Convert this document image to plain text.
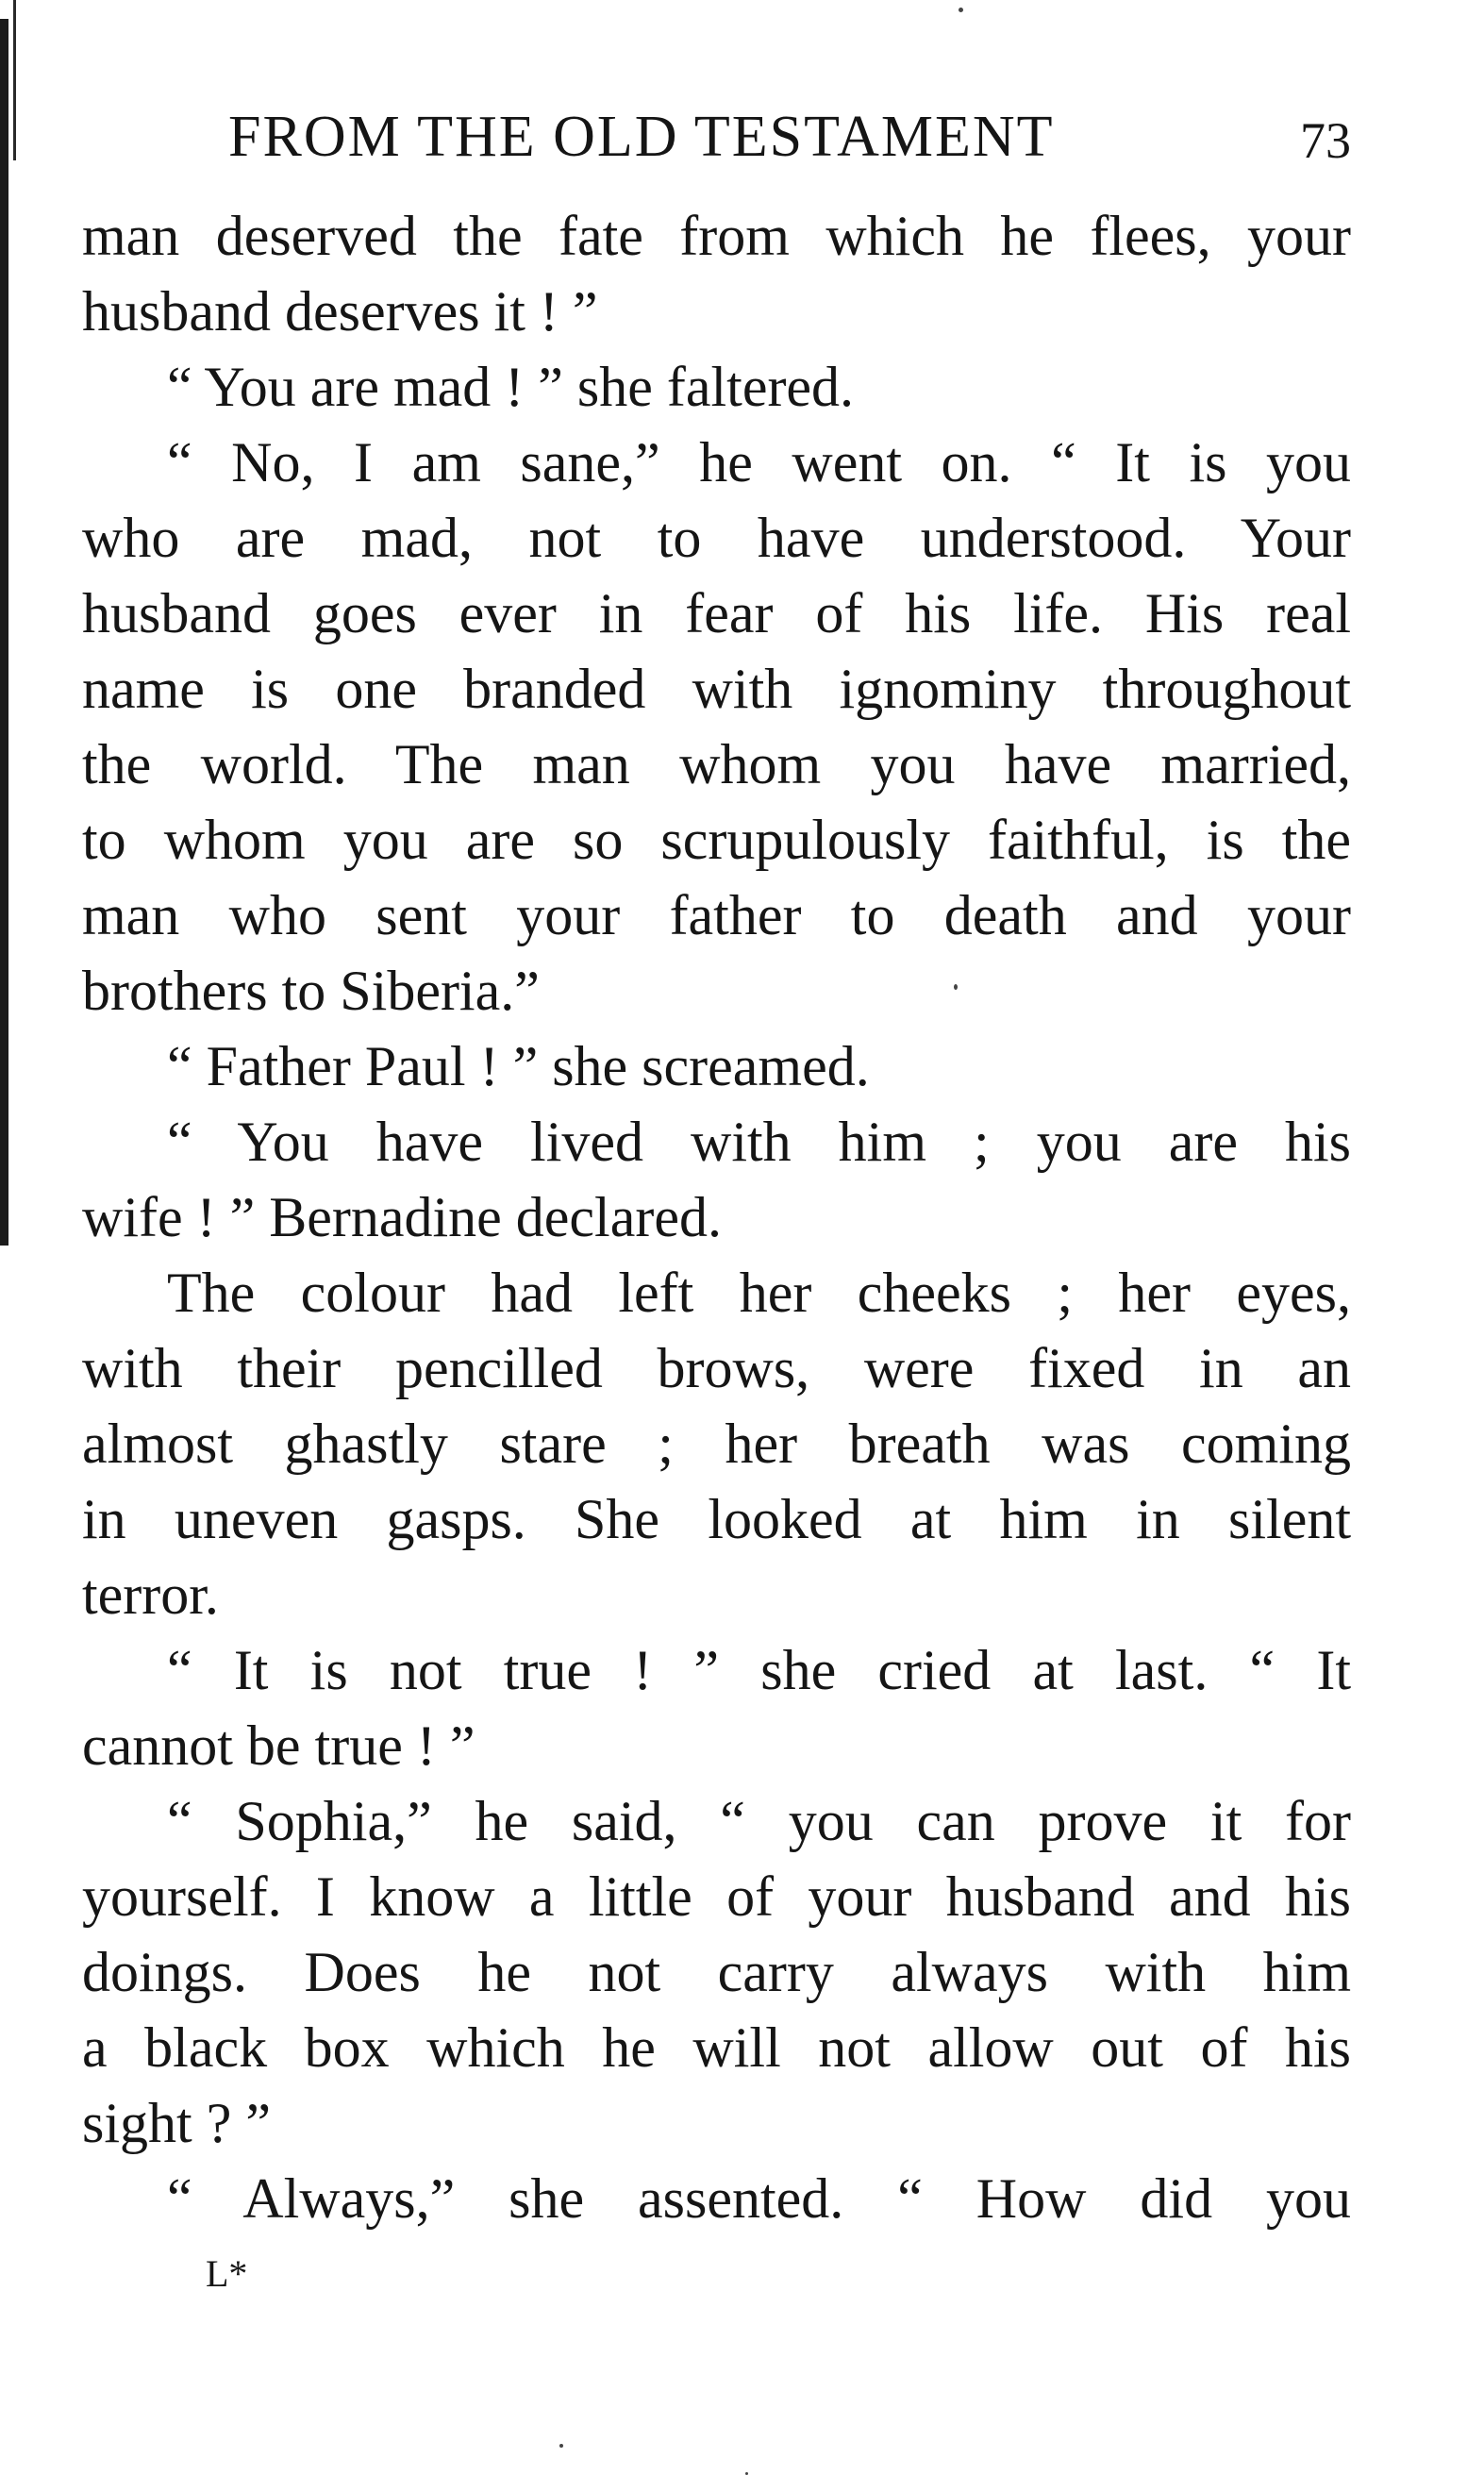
FROM THE OLD TESTAMENT	73
man deserved the fate from which he flees, your
husband deserves it ! ”
“ You are mad ! ” she faltered.
“ No, I am sane,” he went on. “ It is you
who are mad, not to have understood. Your
husband goes ever in fear of his life. His real
name is one branded with ignominy throughout
the world. The man whom you have married,
to whom you are so scrupulously faithful, is the
man who sent your father to death and your
brothers to Siberia.”
“ Father Paul ! ” she screamed.
“ You have lived with him ; you are his
wife ! ” Bernadine declared.
The colour had left her cheeks ; her eyes,
with their pencilled brows, were fixed in an
almost ghastly stare ; her breath was coming
in uneven gasps. She looked at him in silent
terror.
“ It is not true ! ” she cried at last. “ It
cannot be true ! ”
“ Sophia,” he said, “ you can prove it for
yourself. I know a little of your husband and his
doings. Does he not carry always with him
a black box which he will not allow out of his
sight ? ”
“ Always,” she assented. “ How did you
L*
